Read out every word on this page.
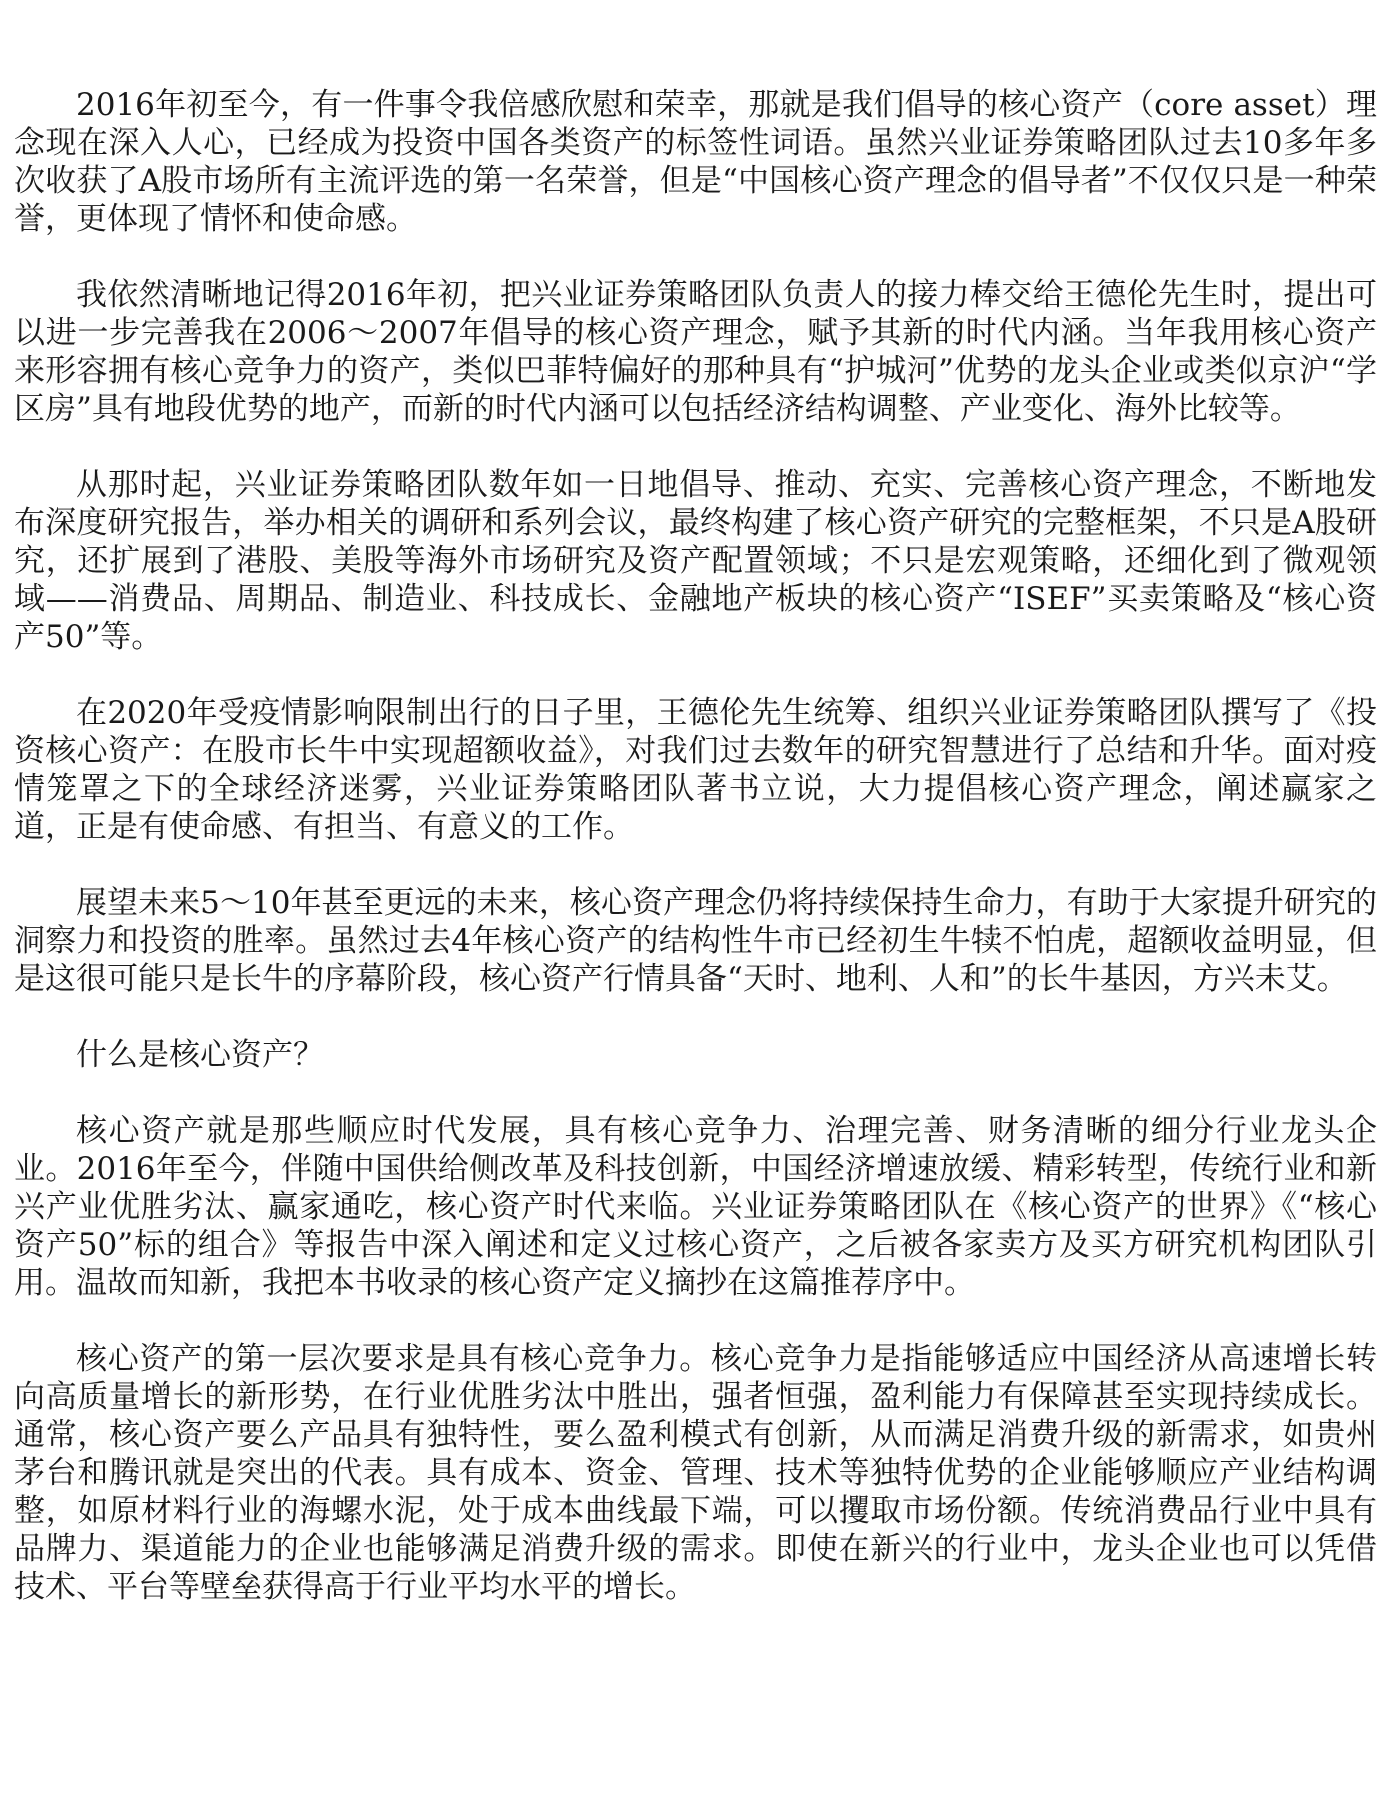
2016年初至今，有一件事令我倍感欣慰和荣幸，那就是我们倡导的核心资产（core asset）理念现在深入人心，已经成为投资中国各类资产的标签性词语。虽然兴业证券策略团队过去10多年多次收获了A股市场所有主流评选的第一名荣誉，但是“中国核心资产理念的倡导者”不仅仅只是一种荣誉，更体现了情怀和使命感。

我依然清晰地记得2016年初，把兴业证券策略团队负责人的接力棒交给王德伦先生时，提出可以进一步完善我在2006～2007年倡导的核心资产理念，赋予其新的时代内涵。当年我用核心资产来形容拥有核心竞争力的资产，类似巴菲特偏好的那种具有“护城河”优势的龙头企业或类似京沪“学区房”具有地段优势的地产，而新的时代内涵可以包括经济结构调整、产业变化、海外比较等。

从那时起，兴业证券策略团队数年如一日地倡导、推动、充实、完善核心资产理念，不断地发布深度研究报告，举办相关的调研和系列会议，最终构建了核心资产研究的完整框架，不只是A股研究，还扩展到了港股、美股等海外市场研究及资产配置领域；不只是宏观策略，还细化到了微观领域——消费品、周期品、制造业、科技成长、金融地产板块的核心资产“ISEF”买卖策略及“核心资产50”等。

在2020年受疫情影响限制出行的日子里，王德伦先生统筹、组织兴业证券策略团队撰写了《投资核心资产：在股市长牛中实现超额收益》，对我们过去数年的研究智慧进行了总结和升华。面对疫情笼罩之下的全球经济迷雾，兴业证券策略团队著书立说，大力提倡核心资产理念，阐述赢家之道，正是有使命感、有担当、有意义的工作。

展望未来5～10年甚至更远的未来，核心资产理念仍将持续保持生命力，有助于大家提升研究的洞察力和投资的胜率。虽然过去4年核心资产的结构性牛市已经初生牛犊不怕虎，超额收益明显，但是这很可能只是长牛的序幕阶段，核心资产行情具备“天时、地利、人和”的长牛基因，方兴未艾。

什么是核心资产？

核心资产就是那些顺应时代发展，具有核心竞争力、治理完善、财务清晰的细分行业龙头企业。2016年至今，伴随中国供给侧改革及科技创新，中国经济增速放缓、精彩转型，传统行业和新兴产业优胜劣汰、赢家通吃，核心资产时代来临。兴业证券策略团队在《核心资产的世界》《“核心资产50”标的组合》等报告中深入阐述和定义过核心资产，之后被各家卖方及买方研究机构团队引用。温故而知新，我把本书收录的核心资产定义摘抄在这篇推荐序中。

核心资产的第一层次要求是具有核心竞争力。核心竞争力是指能够适应中国经济从高速增长转向高质量增长的新形势，在行业优胜劣汰中胜出，强者恒强，盈利能力有保障甚至实现持续成长。通常，核心资产要么产品具有独特性，要么盈利模式有创新，从而满足消费升级的新需求，如贵州茅台和腾讯就是突出的代表。具有成本、资金、管理、技术等独特优势的企业能够顺应产业结构调整，如原材料行业的海螺水泥，处于成本曲线最下端，可以攫取市场份额。传统消费品行业中具有品牌力、渠道能力的企业也能够满足消费升级的需求。即使在新兴的行业中，龙头企业也可以凭借技术、平台等壁垒获得高于行业平均水平的增长。
